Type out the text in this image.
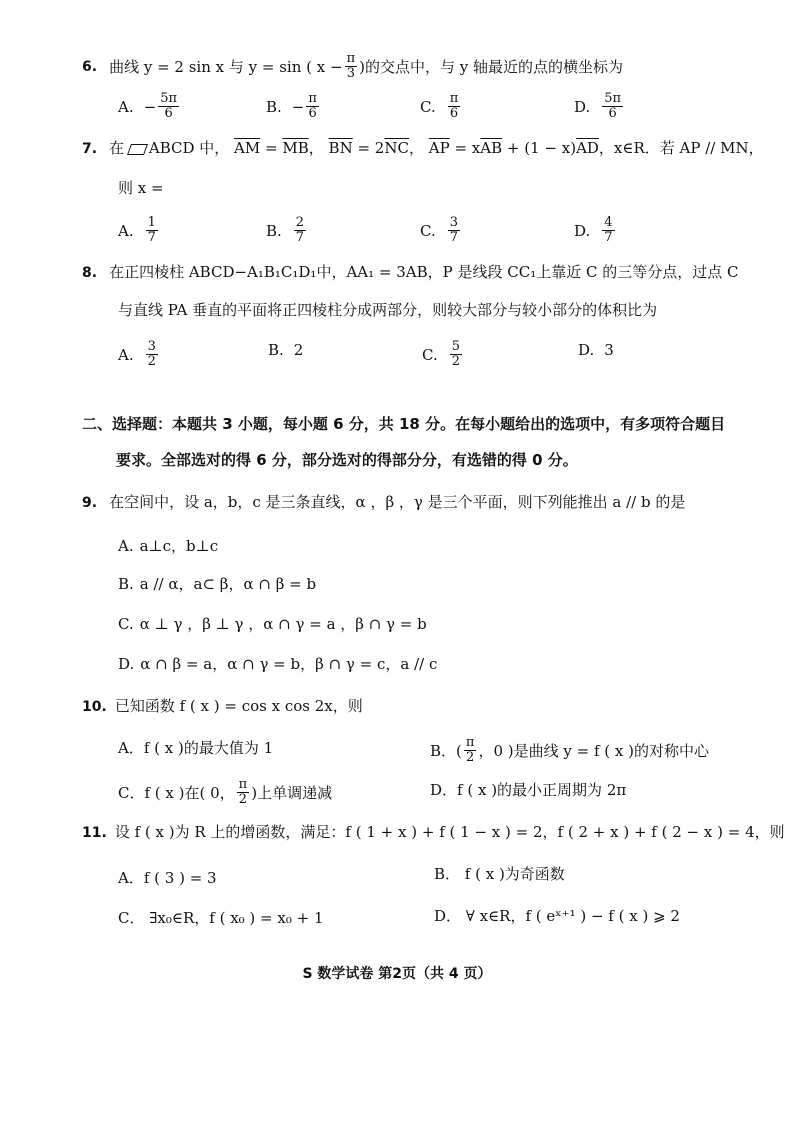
6. 曲线 y = 2 sin x 与 y = sin ( $x - \frac{\pi}{3}$ )的交点中，与 y 轴最近的点的横坐标为
A. − $\frac{5\pi}{6}$	B. − $\frac{\pi}{6}$	C. $\frac{\pi}{6}$	D. $\frac{5\pi}{6}$
7. 在 ABCD 中， $\overline{AM} = \overline{MB}$， $\overline{BN} = 2\overline{NC}$， $\overline{AP} = x\overline{AB} + (1 - x)\overline{AD}$，x∈R．若 AP // MN，
则 x =
A. $\frac{1}{7}$	B. $\frac{2}{7}$	C. $\frac{3}{7}$	D. $\frac{4}{7}$
8. 在正四棱柱 ABCD−A₁B₁C₁D₁中，AA₁ = 3AB，P 是线段 CC₁上靠近 C 的三等分点，过点 C
与直线 PA 垂直的平面将正四棱柱分成两部分，则较大部分与较小部分的体积比为
A. $\frac{3}{2}$	B. 2	C. $\frac{5}{2}$	D. 3
二、选择题：本题共 3 小题，每小题 6 分，共 18 分。在每小题给出的选项中，有多项符合题目
要求。全部选对的得 6 分，部分选对的得部分分，有选错的得 0 分。
9. 在空间中，设 a，b，c 是三条直线，α ，β ，γ 是三个平面，则下列能推出 a // b 的是
A. a⊥c，b⊥c
B. a // α，a⊂ β，α ∩ β = b
C. α ⊥ γ ，β ⊥ γ ，α ∩ γ = a ，β ∩ γ = b
D. α ∩ β = a，α ∩ γ = b，β ∩ γ = c，a // c
10. 已知函数 f ( x ) = cos x cos 2x，则
A．f ( x )的最大值为 1	B．( $\frac{\pi}{2}$ ，0 )是曲线 y = f ( x )的对称中心
C．f ( x )在( 0， $\frac{\pi}{2}$ )上单调递减	D．f ( x )的最小正周期为 2π
11. 设 f ( x )为 R 上的增函数，满足：f ( 1 + x ) + f ( 1 − x ) = 2，f ( 2 + x ) + f ( 2 − x ) = 4，则
A．f ( 3 ) = 3	B． f ( x )为奇函数
C． ∃x₀∈R，f ( x₀ ) = x₀ + 1	D． ∀ x∈R，f ( eˣ⁺¹ ) − f ( x ) ⩾ 2
S 数学试卷 第2页（共 4 页）
